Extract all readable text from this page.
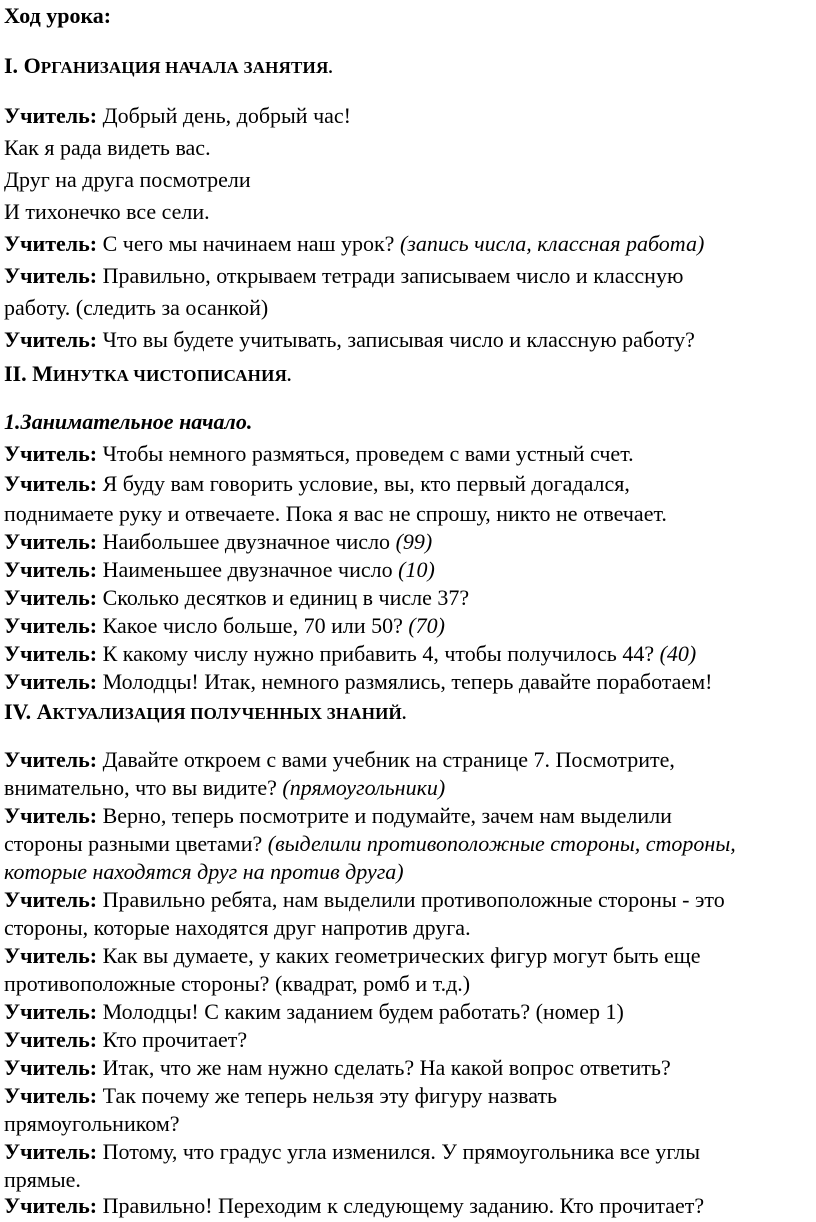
Ход урока:
I. ОРГАНИЗАЦИЯ НАЧАЛА ЗАНЯТИЯ.
Учитель: Добрый день, добрый час!
Как я рада видеть вас.
Друг на друга посмотрели
И тихонечко все сели.
Учитель: С чего мы начинаем наш урок? (запись числа, классная работа)
Учитель: Правильно, открываем тетради записываем число и классную
работу. (следить за осанкой)
Учитель: Что вы будете учитывать, записывая число и классную работу?
II. МИНУТКА ЧИСТОПИСАНИЯ.
1.Занимательное начало.
Учитель: Чтобы немного размяться, проведем с вами устный счет.
Учитель: Я буду вам говорить условие, вы, кто первый догадался,
поднимаете руку и отвечаете. Пока я вас не спрошу, никто не отвечает.
Учитель: Наибольшее двузначное число (99)
Учитель: Наименьшее двузначное число (10)
Учитель: Сколько десятков и единиц в числе 37?
Учитель: Какое число больше, 70 или 50? (70)
Учитель: К какому числу нужно прибавить 4, чтобы получилось 44? (40)
Учитель: Молодцы! Итак, немного размялись, теперь давайте поработаем!
IV. АКТУАЛИЗАЦИЯ ПОЛУЧЕННЫХ ЗНАНИЙ.
Учитель: Давайте откроем с вами учебник на странице 7. Посмотрите,
внимательно, что вы видите? (прямоугольники)
Учитель: Верно, теперь посмотрите и подумайте, зачем нам выделили
стороны разными цветами? (выделили противоположные стороны, стороны,
которые находятся друг на против друга)
Учитель: Правильно ребята, нам выделили противоположные стороны - это
стороны, которые находятся друг напротив друга.
Учитель: Как вы думаете, у каких геометрических фигур могут быть еще
противоположные стороны? (квадрат, ромб и т.д.)
Учитель: Молодцы! С каким заданием будем работать? (номер 1)
Учитель: Кто прочитает?
Учитель: Итак, что же нам нужно сделать? На какой вопрос ответить?
Учитель: Так почему же теперь нельзя эту фигуру назвать
прямоугольником?
Учитель: Потому, что градус угла изменился. У прямоугольника все углы
прямые.
Учитель: Правильно! Переходим к следующему заданию. Кто прочитает?
